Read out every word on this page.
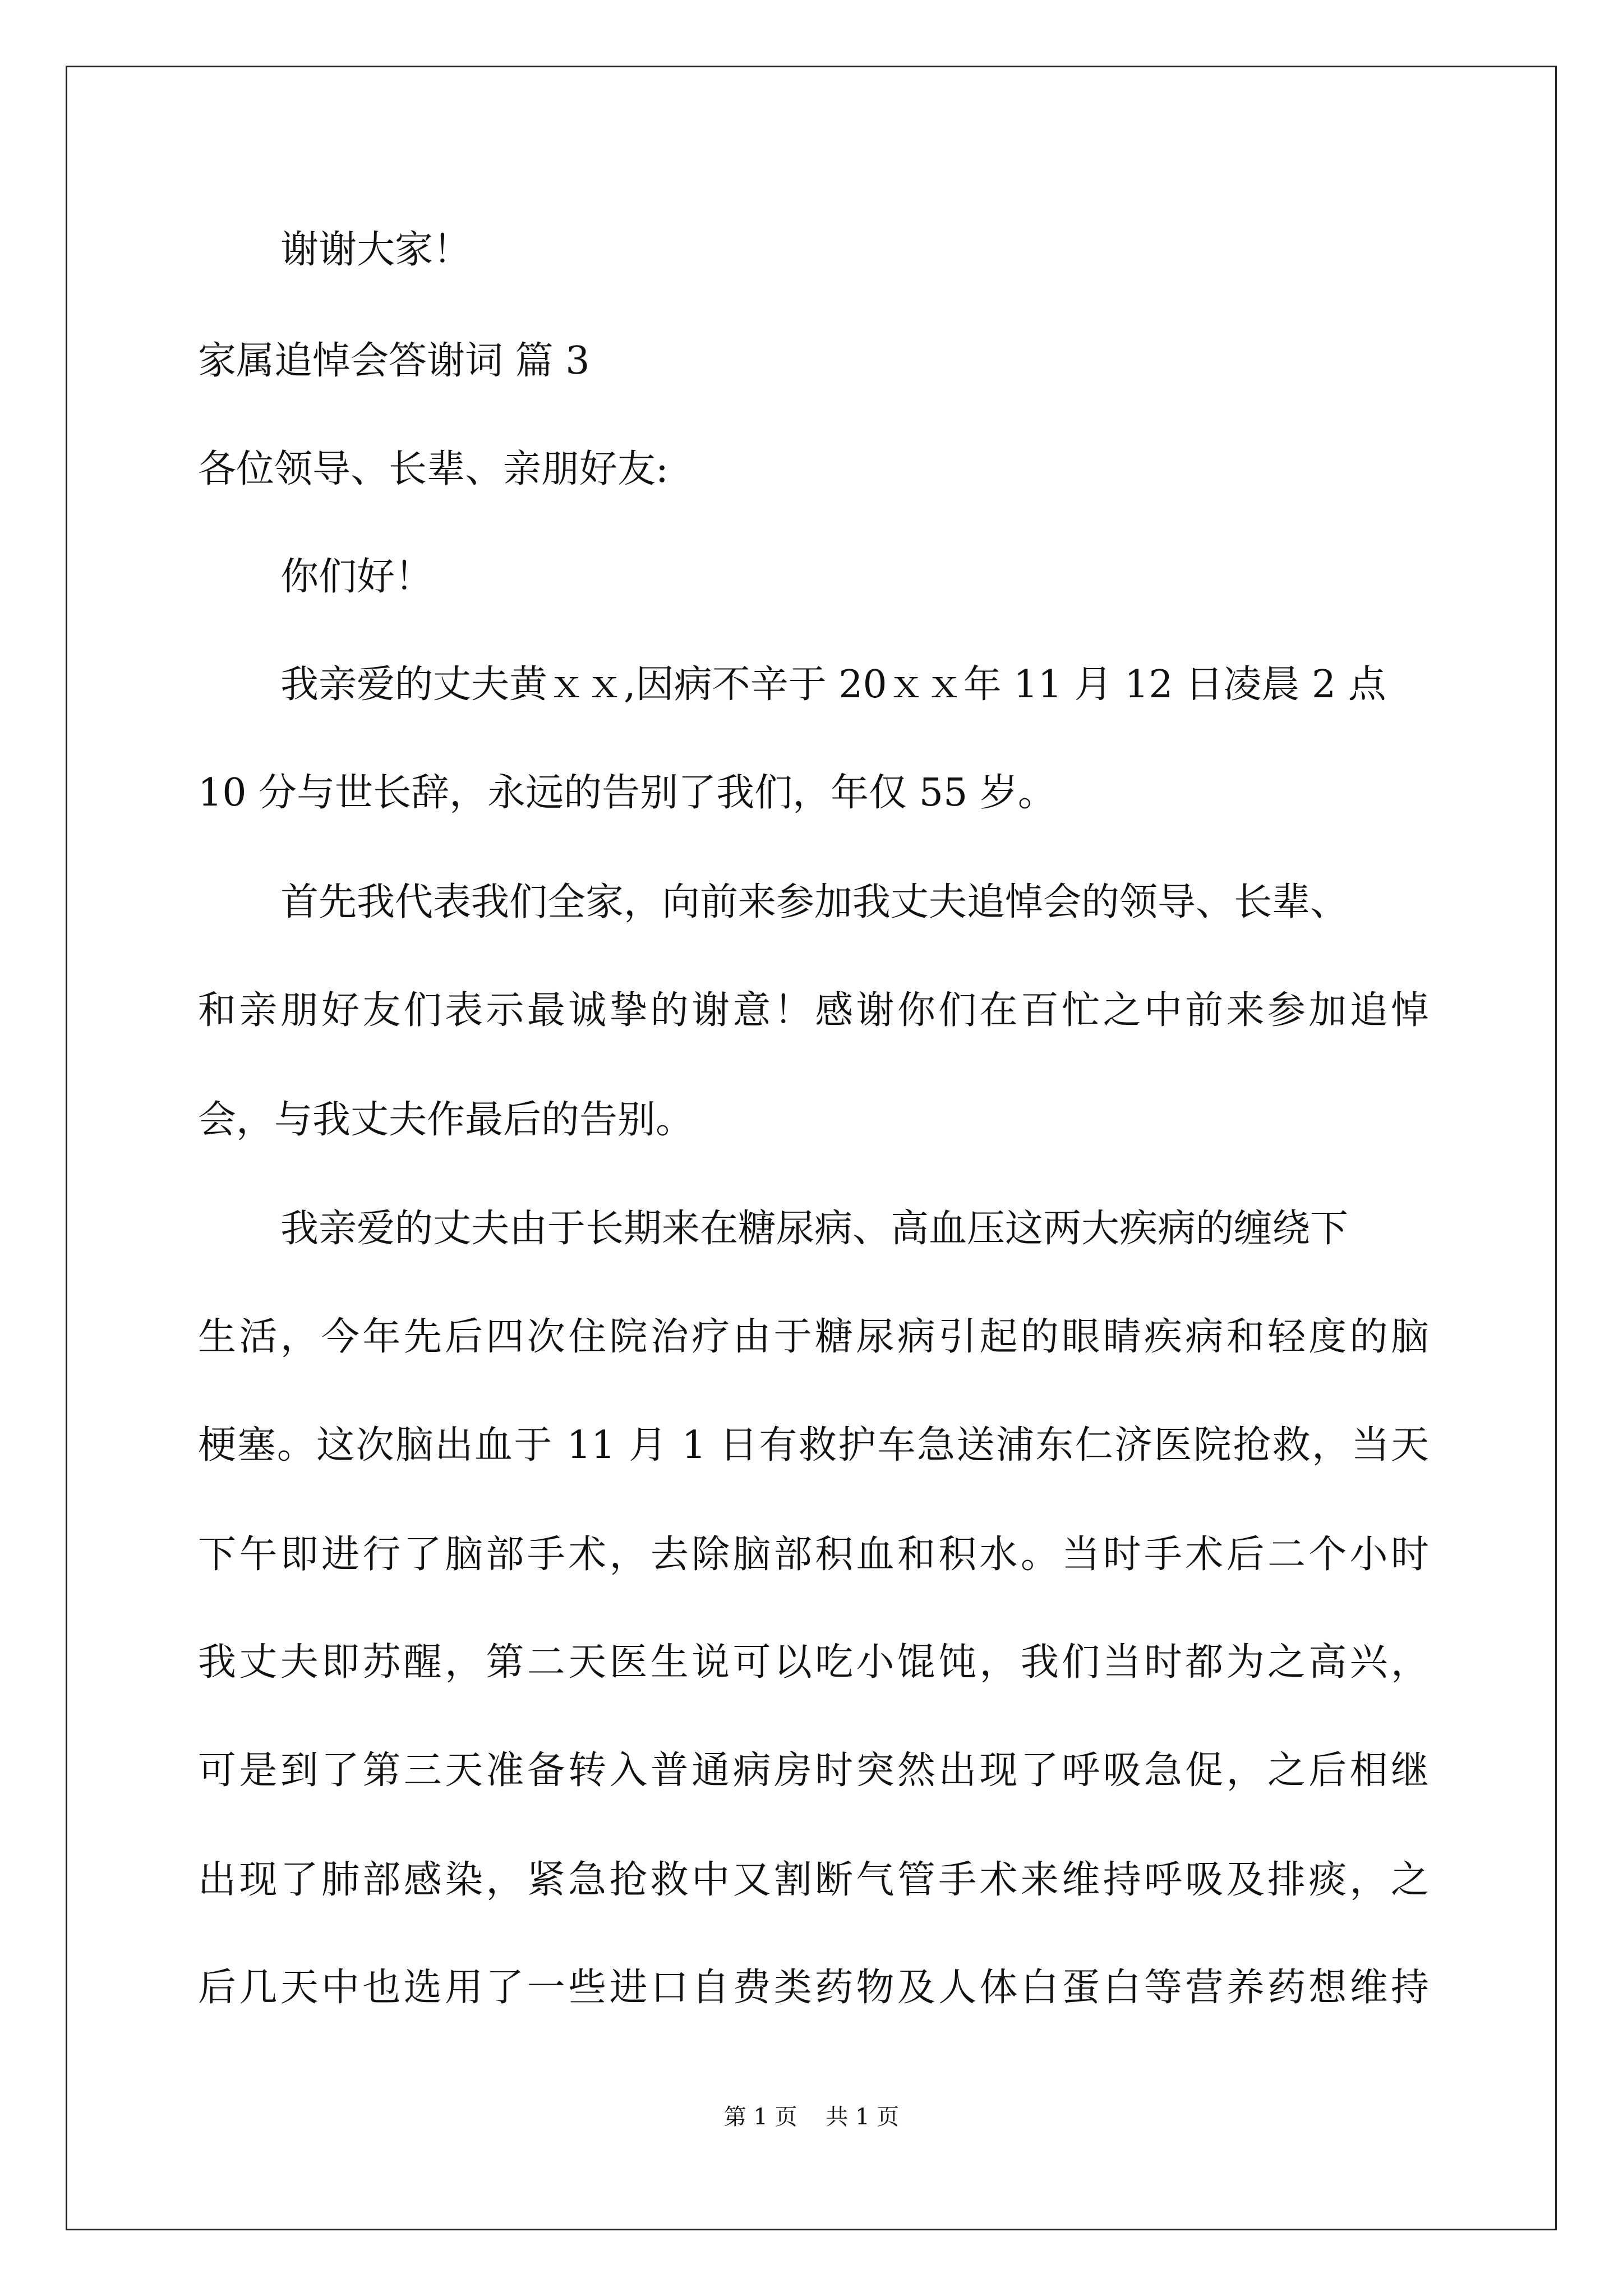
谢谢大家！
家属追悼会答谢词 篇 3
各位领导、长辈、亲朋好友:
你们好！
我亲爱的丈夫黄ｘｘ,因病不辛于 20ｘｘ年 11 月 12 日凌晨 2 点
10 分与世长辞，永远的告别了我们，年仅 55 岁。
首先我代表我们全家，向前来参加我丈夫追悼会的领导、长辈、
和亲朋好友们表示最诚挚的谢意！感谢你们在百忙之中前来参加追悼
会，与我丈夫作最后的告别。
我亲爱的丈夫由于长期来在糖尿病、高血压这两大疾病的缠绕下
生活，今年先后四次住院治疗由于糖尿病引起的眼睛疾病和轻度的脑
梗塞。这次脑出血于 11 月 1 日有救护车急送浦东仁济医院抢救，当天
下午即进行了脑部手术，去除脑部积血和积水。当时手术后二个小时
我丈夫即苏醒，第二天医生说可以吃小馄饨，我们当时都为之高兴，
可是到了第三天准备转入普通病房时突然出现了呼吸急促，之后相继
出现了肺部感染，紧急抢救中又割断气管手术来维持呼吸及排痰，之
后几天中也选用了一些进口自费类药物及人体白蛋白等营养药想维持
第 1 页    共 1 页
